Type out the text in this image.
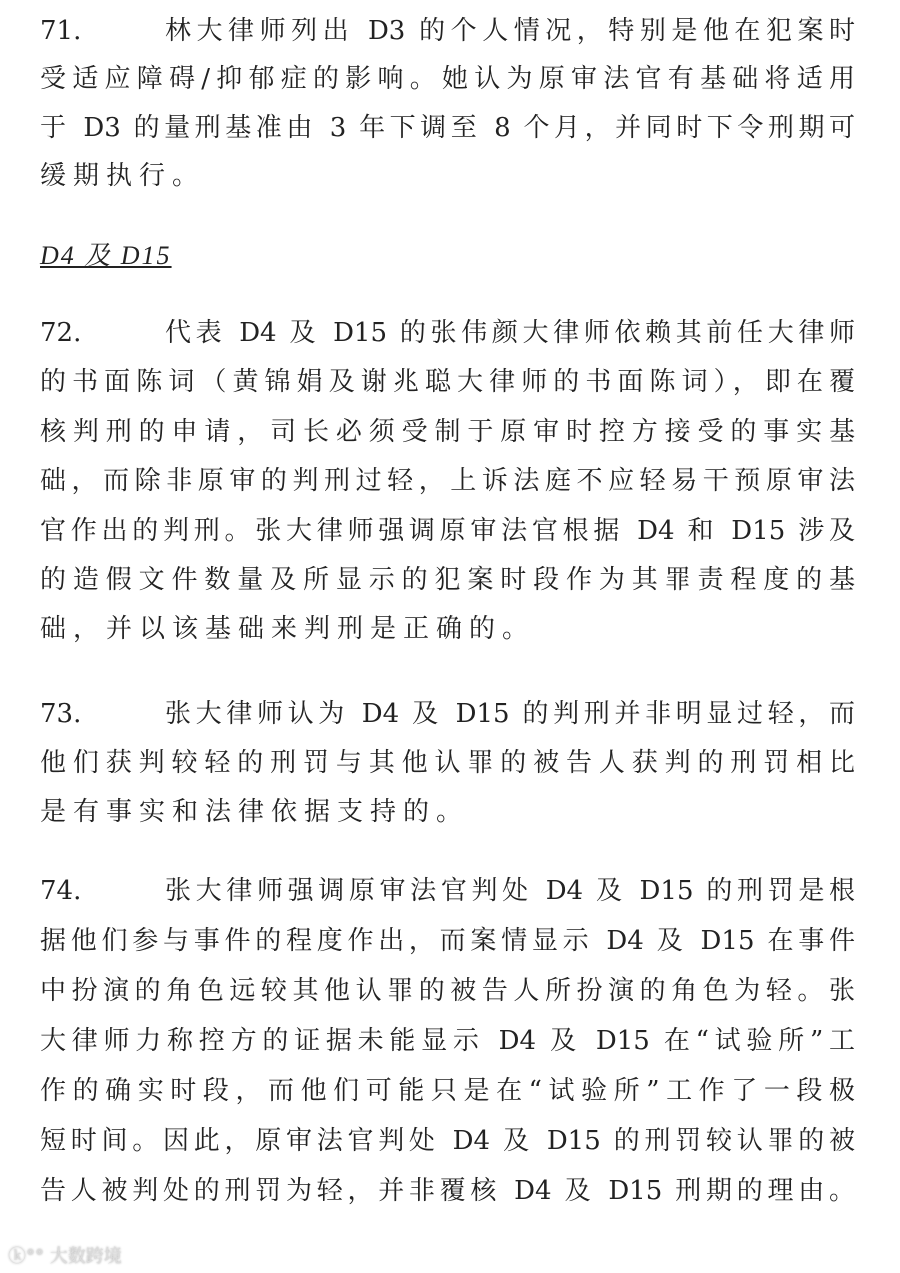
71.	林大律师列出 D3 的个人情况，特别是他在犯案时
受适应障碍/抑郁症的影响。她认为原审法官有基础将适用
于 D3 的量刑基准由 3 年下调至 8 个月，并同时下令刑期可
缓期执行。
72.	代表 D4 及 D15 的张伟颜大律师依赖其前任大律师
的书面陈词（黄锦娟及谢兆聪大律师的书面陈词），即在覆
核判刑的申请，司长必须受制于原审时控方接受的事实基
础，而除非原审的判刑过轻，上诉法庭不应轻易干预原审法
官作出的判刑。张大律师强调原审法官根据 D4 和 D15 涉及
的造假文件数量及所显示的犯案时段作为其罪责程度的基
础，并以该基础来判刑是正确的。
73.	张大律师认为 D4 及 D15 的判刑并非明显过轻，而
他们获判较轻的刑罚与其他认罪的被告人获判的刑罚相比
是有事实和法律依据支持的。
74.	张大律师强调原审法官判处 D4 及 D15 的刑罚是根
据他们参与事件的程度作出，而案情显示 D4 及 D15 在事件
中扮演的角色远较其他认罪的被告人所扮演的角色为轻。张
大律师力称控方的证据未能显示 D4 及 D15 在“试验所”工
作的确实时段，而他们可能只是在“试验所”工作了一段极
短时间。因此，原审法官判处 D4 及 D15 的刑罚较认罪的被
告人被判处的刑罚为轻，并非覆核 D4 及 D15 刑期的理由。
D4 及 D15
ⓚ°° 大数跨境
